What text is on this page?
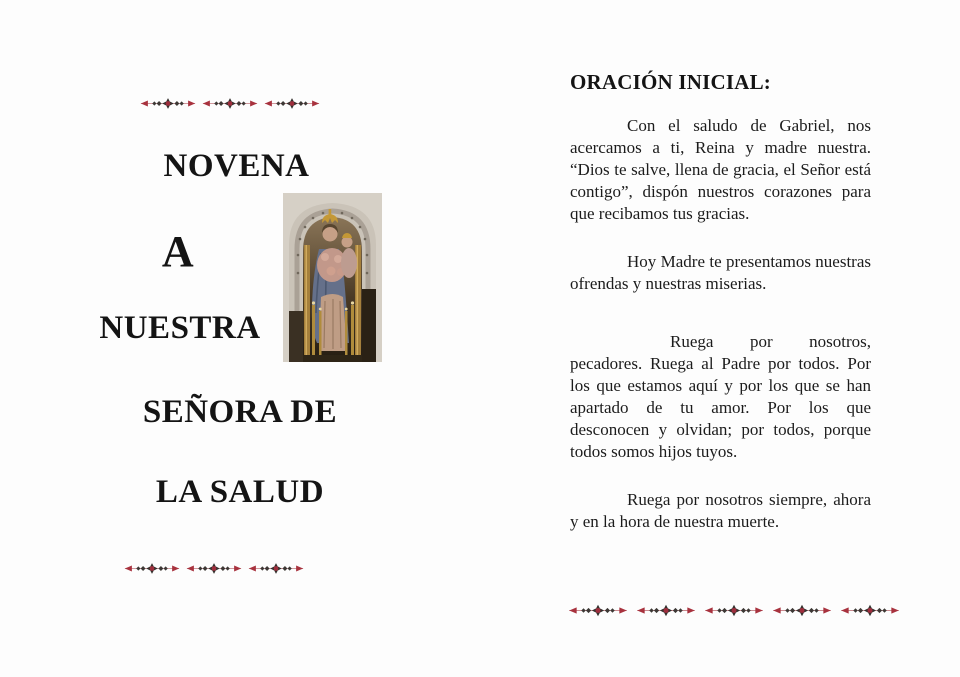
NOVENA
A
NUESTRA
SEÑORA DE
LA SALUD
ORACIÓN INICIAL:

Con el saludo de Gabriel, nos acercamos a ti, Reina y madre nuestra. “Dios te salve, llena de gracia, el Señor está contigo”, dispón nuestros corazones para que recibamos tus gracias.

Hoy Madre te presentamos nuestras ofrendas y nuestras miserias.

Ruega por nosotros, pecadores. Ruega al Padre por todos. Por los que estamos aquí y por los que se han apartado de tu amor. Por los que desconocen y olvidan; por todos, porque todos somos hijos tuyos.

Ruega por nosotros siempre, ahora y en la hora de nuestra muerte.
